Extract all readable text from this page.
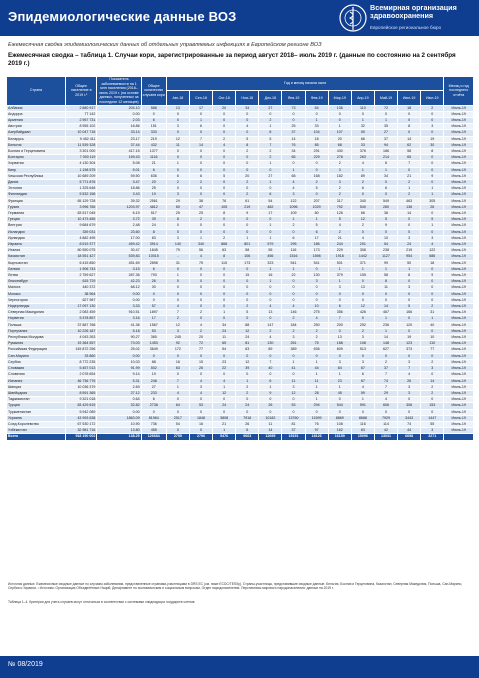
Эпидемиологические данные ВОЗ
Всемирная организация здравоохранения
Европейское региональное бюро
Ежемесячная сводка эпидемиологических данных об отдельных управляемых инфекциях в Европейском регионе ВОЗ
Ежемесячная сводка – таблица 1. Случаи кори, зарегистрированные за период август 2018– июль 2019 г. (данные по состоянию на 2 сентября 2019 г.)
Страна	Общее население в 2019 г.¹	Показатель заболеваемости на 1 млн населения (2018– июль 2019 г. (на основе данных, полученных за последние 12 месяцев)	Общее количество случаев кори	Год и месяц начала сыпи												Месяц и год последнего отчёта
				Авг-18	Сен-18	Окт-18	Ноя-18	Дек-18	Янв-19	Фев-19	Мар-19	Апр-19	Май-19	Июн-19	Июл-19	
Албания	2 880 917	204.10	588	13	17	20	34	27	73	64	136	110	72	18	2	Июль-19
Андорра	77 142	0.00	0	0	0	0	0	0	0	0	0	0	0	0	0	Июль-19
Армения	2 957 731	2.03	6	0	1	0	0	2	0	1	0	1	1	0	0	Июль-19
Австрия	8 955 102	16.86	151	3	6	0	4	1	25	33	1	32	35	8	3	Июль-19
Азербайджан	10 047 718	33.14	333	0	0	0	0	8	37	104	107	50	27	0	0	Июль-19
Беларусь	9 452 411	23.17	219	12	7	2	5	5	14	18	20	66	37	14	19	Июль-19
Бельгия	11 539 328	37.44	432	11	14	4	8	7	76	85	68	33	94	62	30	Июль-19
Босния и Герцеговина	3 301 000	417.15	1377	0	0	0	2	2	34	291	430	376	186	58	8	Июль-19
Болгария	7 000 119	159.43	1116	0	0	0	0	2	65	229	278	263	214	65	0	Июль-19
Хорватия	4 130 304	5.08	21	1	0	0	0	1	0	0	2	4	6	7	0	Июль-19
Кипр	1 198 575	5.01	6	0	0	0	0	0	1	0	3	1	1	0	0	Июль-19
Чешская Республика	10 689 209	59.50	636	6	6	5	20	27	68	168	182	89	34	21	9	Июль-19
Дания	5 771 876	3.47	20	2	2	0	2	1	4	2	3	2	0	2	0	Июль-19
Эстония	1 325 648	18.86	25	0	0	0	0	0	4	5	2	6	6	1	1	Июль-19
Финляндия	5 532 156	3.43	19	3	0	0	2	6	3	0	2	0	0	2	1	Июль-19
Франция	65 129 728	39.32	2561	29	38	76	61	54	122	207	317	340	549	463	305	Июль-19
Грузия	3 996 765	1203.97	4812	60	47	105	219	482	1096	1029	792	540	280	136	26	Июль-19
Германия	83 517 045	6.19	517	25	25	8	9	17	109	80	126	66	38	14	0	Июль-19
Греция	10 473 455	3.72	39	8	2	0	0	0	1	1	5	12	5	0	5	Июль-19
Венгрия	9 684 679	2.48	24	0	0	0	0	1	2	5	4	2	9	0	1	Июль-19
Исландия	339 031	23.60	8	0	0	0	0	0	0	6	2	0	0	0	0	Июль-19
Ирландия	4 882 495	17.00	83	3	1	2	1	1	6	17	21	4	10	3	3	Июль-19
Израиль	8 519 377	459.42	3914	140	340	868	801	579	295	186	244	201	54	24	4	Июль-19
Италия	60 550 075	30.47	1845	79	56	63	58	55	116	173	229	308	238	219	122	Июль-19
Казахстан	18 551 427	539.83	10015	-	4	8	106	456	1516	1898	1918	1442	1127	954	586	Июль-19
Кыргызстан	6 415 850	451.69	2898	31	75	115	173	323	541	541	501	371	99	50	18	Июль-19
Латвия	1 906 743	3.15	6	0	0	0	0	1	1	0	1	1	1	1	0	Июль-19
Литва	2 759 627	287.36	793	1	0	0	15	16	22	130	379	155	58	8	9	Июль-19
Люксембург	615 729	42.23	26	0	0	0	0	1	0	3	1	0	8	0	0	Июль-19
Мальта	440 372	68.12	30	0	0	0	0	0	0	0	3	13	11	3	0	Июль-19
Монако	38 964	0.00	0	0	0	0	0	0	0	0	0	0	0	0	0	Июль-19
Черногория	627 987	0.00	0	0	0	0	0	0	0	0	0	0	0	0	0	Июль-19
Нидерланды	17 097 130	3.33	57	4	0	0	2	4	4	10	6	12	14	5	2	Июль-19
Северная Македония	2 083 459	910.51	1897	7	2	1	5	13	146	275	356	426	467	166	31	Июль-19
Норвегия	5 378 857	3.16	17	2	0	0	0	0	2	4	7	0	1	0	1	Июль-19
Польша	37 887 768	41.36	1567	12	4	34	88	147	184	250	200	252	236	120	40	Июль-19
Португалия	10 226 187	5.18	53	3	2	24	12	2	2	2	0	2	1	0	0	Июль-19
Республика Молдова	4 043 263	90.27	365	245	20	11	24	4	3	2	13	3	14	19	10	Июль-19
Румыния	19 364 557	73.03	1453	92	72	65	81	130	261	75	188	108	148	123	110	Июль-19
Российская Федерация	145 872 256	25.02	3649	172	77	54	63	89	389	636	609	513	627	373	77	Июль-19
Сан-Марино	33 860	0.00	0	0	0	0	0	0	0	0	0	0	0	0	0	Июль-19
Сербия	8 772 235	10.03	88	16	15	23	12	7	1	1	3	3	2	3	2	Июль-19
Словакия	5 457 013	91.99	502	63	26	22	39	40	41	44	84	67	37	7	3	Июль-19
Словения	2 078 654	9.14	19	0	0	0	0	0	0	1	1	6	7	4	0	Июль-19
Испания	46 736 776	5.31	248	7	4	4	1	6	11	11	23	67	74	26	14	Июль-19
Швеция	10 036 379	2.69	27	1	3	1	2	1	3	1	1	4	7	3	2	Июль-19
Швейцария	8 591 365	27.12	233	4	4	12	2	9	12	28	45	59	29	3	2	Июль-19
Таджикистан	9 321 018	0.64	6	0	0	0	0	0	0	1	0	1	4	0	0	Июль-19
Турция	83 429 615	32.82	2738	64	53	24	24	26	53	294	544	591	606	306	153	Июль-19
Туркменистан	5 942 089	0.00	0	0	0	0	0	0	0	0	0	0	0	0	0	Июль-19
Украина	43 993 638	1863.09	81964	2517	1848	3808	7916	10182	13760	11599	8869	8688	7929	3443	1447	Июль-19
Соед.Королевство	67 530 172	10.90	736	54	16	21	26	11	81	76	108	116	114	74	55	Июль-19
Узбекистан	32 981 716	13.80	455	0	0	1	6	14	37	97	162	63	42	44	3	Июль-19
Всего	918 190 002	138.25	126684	2755	2796	5476	9663	12695	19151	18126	16159	15096	13031	6698	3271	
Источник данных: Ежемесячные сводные данные по случаям заболевания, представленные странами-участницами в DRS ЕС (см. ниже ECDC/TESSy). Страны-участницы, представившие сводные данные: Бельгия, Босния и Герцеговина, Казахстан, Северная Македония, Польша, Сан-Марино, Сербия и Украина. ¹ Источник: Организация Объединённых Наций, Департамент по экономическим и социальным вопросам, Отдел народонаселения. Перспективы мирового народонаселения: данные на 2019 г.
Таблица 1–4. Критерии для учета случаев могут отличаться в соответствии с системами эпиднадзора государств-членов.
№ 08/2019
